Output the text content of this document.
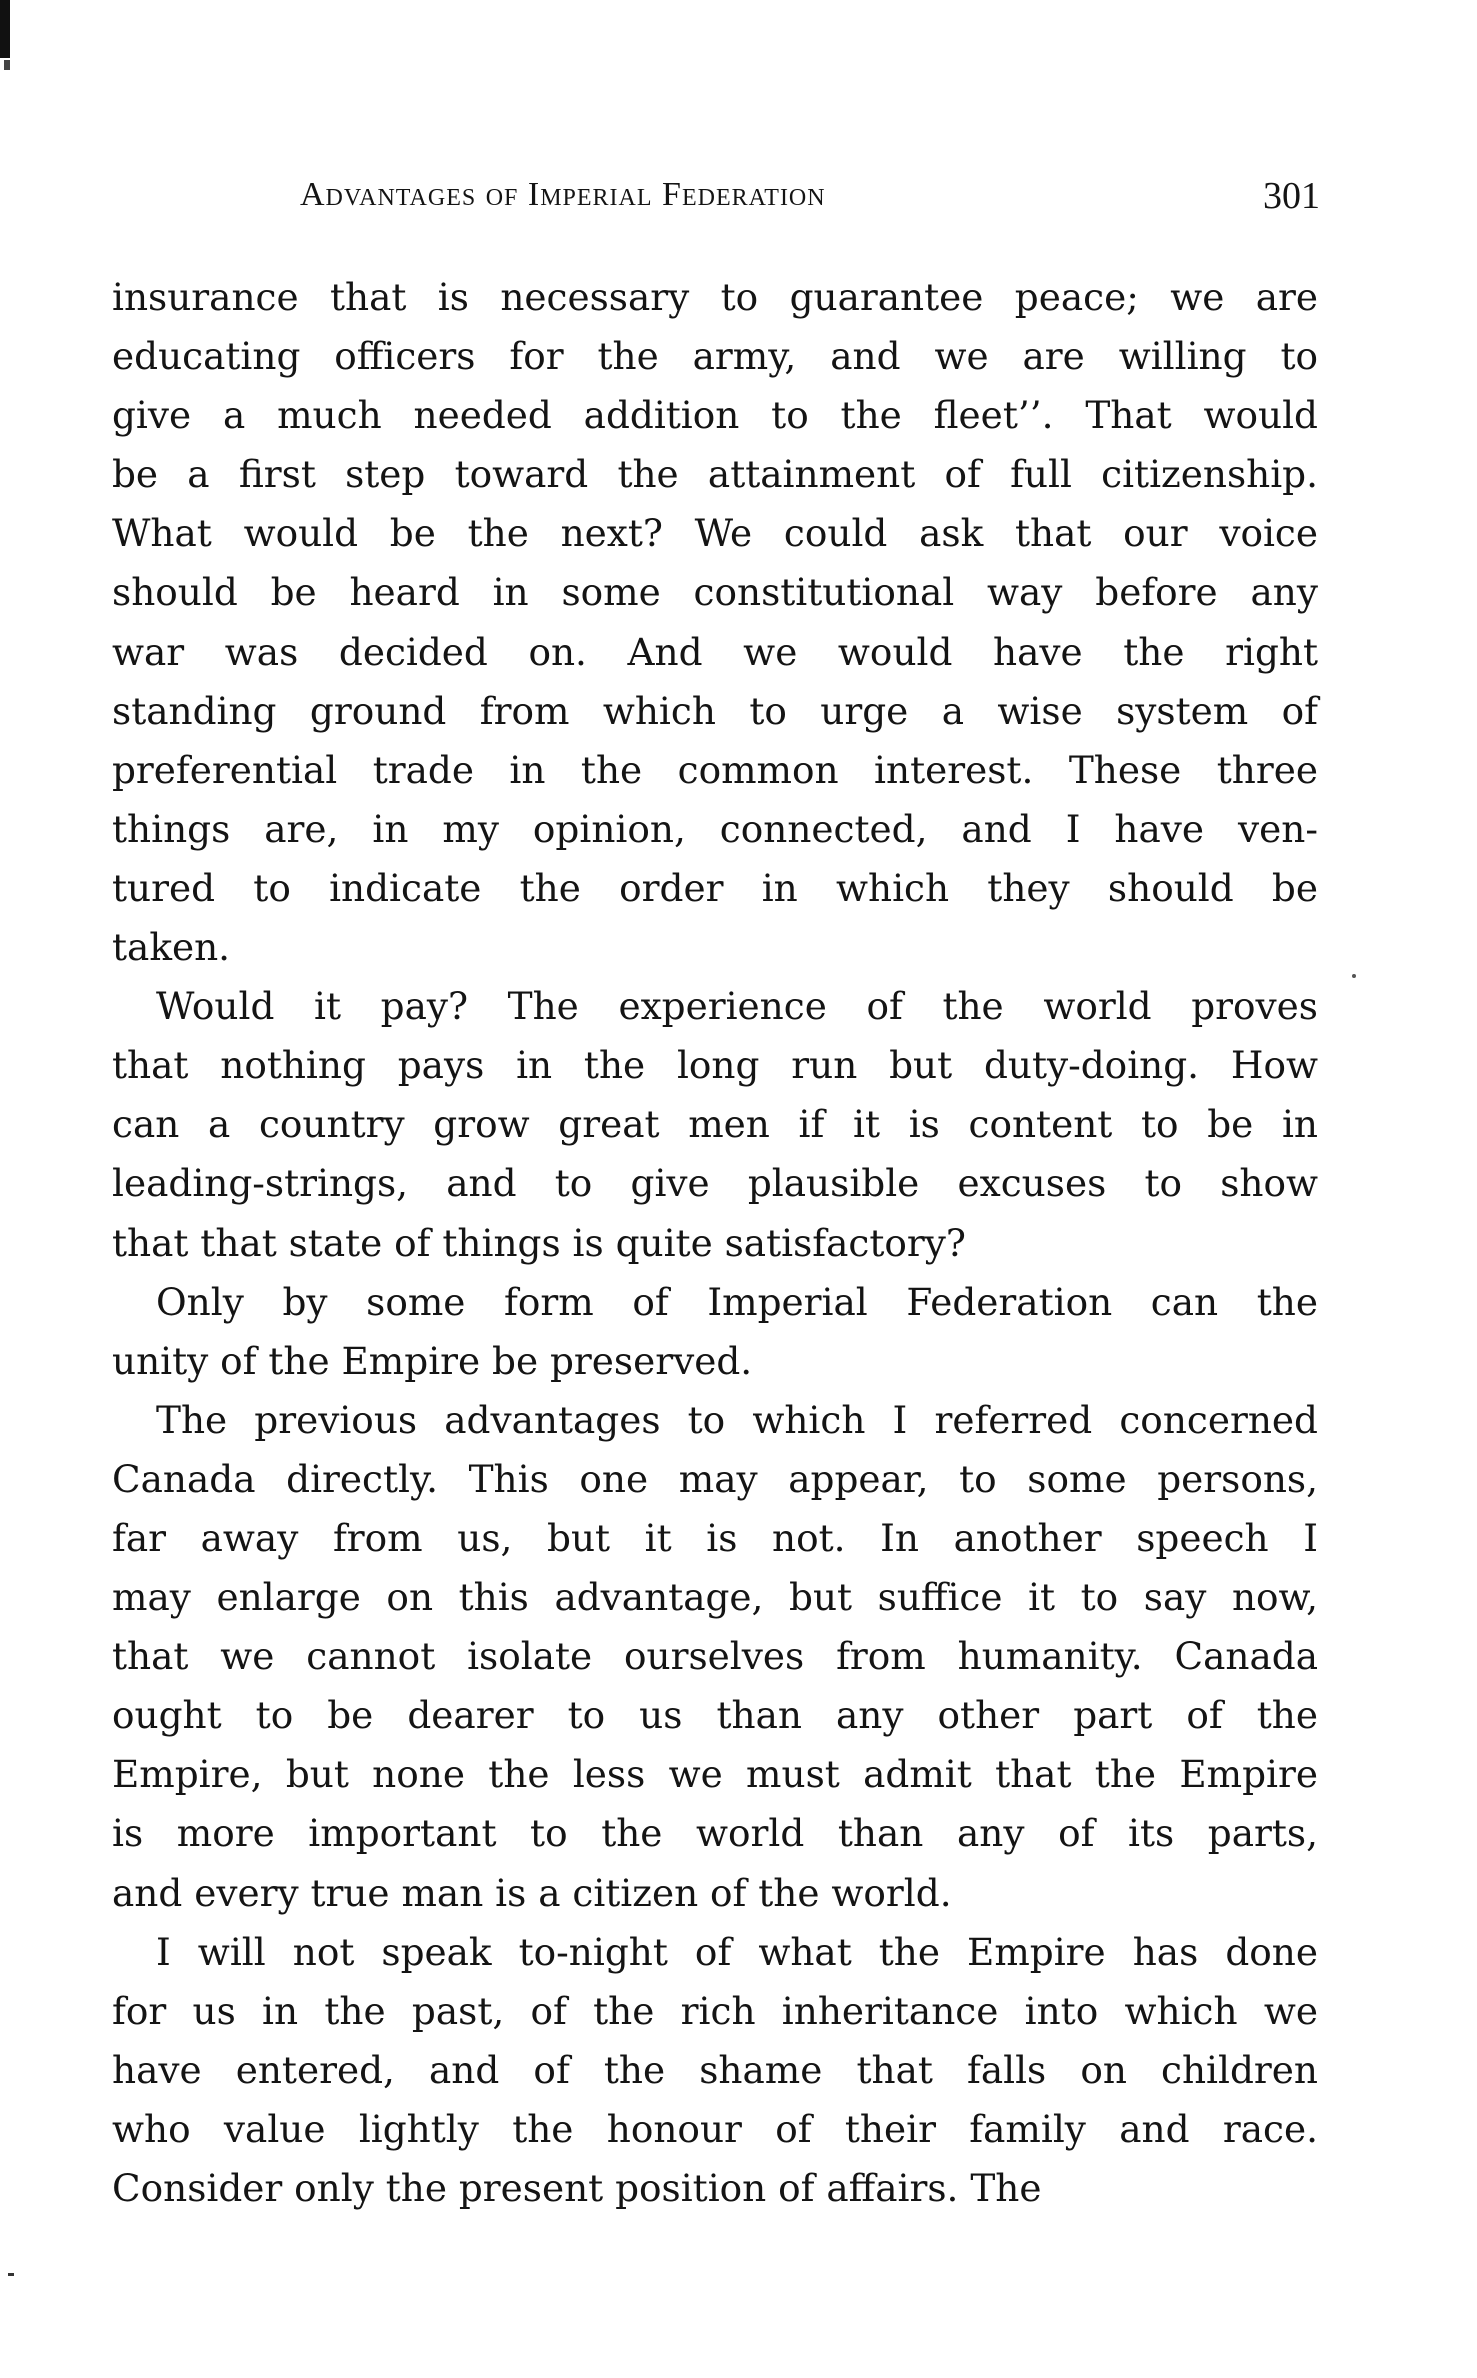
Advantages of Imperial Federation	301
insurance that is necessary to guarantee peace; we are
educating officers for the army, and we are willing to
give a much needed addition to the fleet’’. That would
be a first step toward the attainment of full citizenship.
What would be the next? We could ask that our voice
should be heard in some constitutional way before any
war was decided on. And we would have the right
standing ground from which to urge a wise system of
preferential trade in the common interest. These three
things are, in my opinion, connected, and I have ven-
tured to indicate the order in which they should be
taken.
Would it pay? The experience of the world proves
that nothing pays in the long run but duty-doing. How
can a country grow great men if it is content to be in
leading-strings, and to give plausible excuses to show
that that state of things is quite satisfactory?
Only by some form of Imperial Federation can the
unity of the Empire be preserved.
The previous advantages to which I referred concerned
Canada directly. This one may appear, to some persons,
far away from us, but it is not. In another speech I
may enlarge on this advantage, but suffice it to say now,
that we cannot isolate ourselves from humanity. Canada
ought to be dearer to us than any other part of the
Empire, but none the less we must admit that the Empire
is more important to the world than any of its parts,
and every true man is a citizen of the world.
I will not speak to-night of what the Empire has done
for us in the past, of the rich inheritance into which we
have entered, and of the shame that falls on children
who value lightly the honour of their family and race.
Consider only the present position of affairs. The
